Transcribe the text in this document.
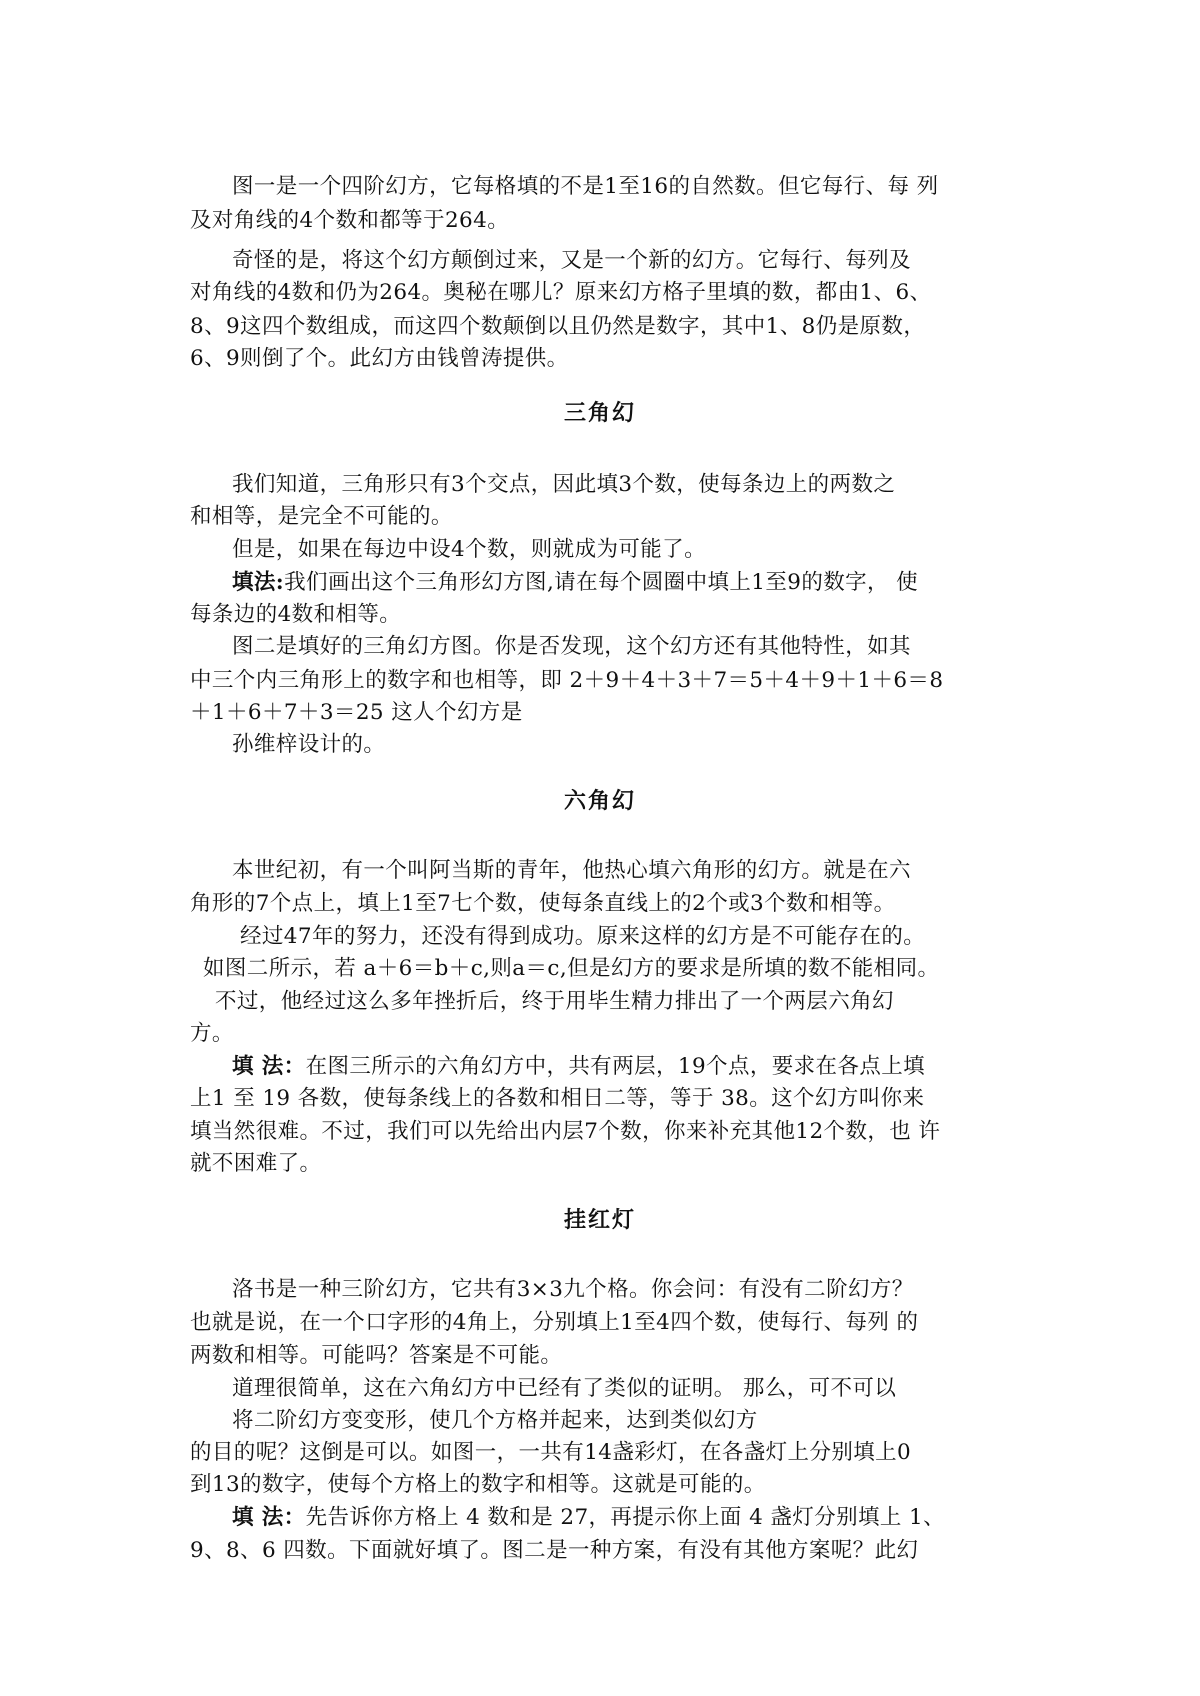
图一是一个四阶幻方，它每格填的不是1至16的自然数。但它每行、每 列
及对角线的4个数和都等于264。
奇怪的是，将这个幻方颠倒过来，又是一个新的幻方。它每行、每列及
对角线的4数和仍为264。奥秘在哪儿？原来幻方格子里填的数，都由1、6、
8、9这四个数组成，而这四个数颠倒以且仍然是数字，其中1、8仍是原数，
6、9则倒了个。此幻方由钱曾涛提供。
三角幻
我们知道，三角形只有3个交点，因此填3个数，使每条边上的两数之
和相等，是完全不可能的。
但是，如果在每边中设4个数，则就成为可能了。
填法:我们画出这个三角形幻方图,请在每个圆圈中填上1至9的数字， 使
每条边的4数和相等。
图二是填好的三角幻方图。你是否发现，这个幻方还有其他特性，如其
中三个内三角形上的数字和也相等，即 2＋9＋4＋3＋7＝5＋4＋9＋1＋6＝8
＋1＋6＋7＋3＝25 这人个幻方是
孙维梓设计的。
六角幻
本世纪初，有一个叫阿当斯的青年，他热心填六角形的幻方。就是在六
角形的7个点上，填上1至7七个数，使每条直线上的2个或3个数和相等。
经过47年的努力，还没有得到成功。原来这样的幻方是不可能存在的。
如图二所示，若 a＋6＝b＋c,则a＝c,但是幻方的要求是所填的数不能相同。
不过，他经过这么多年挫折后，终于用毕生精力排出了一个两层六角幻
方。
填 法：在图三所示的六角幻方中，共有两层，19个点，要求在各点上填
上1 至 19 各数，使每条线上的各数和相日二等，等于 38。这个幻方叫你来
填当然很难。不过，我们可以先给出内层7个数，你来补充其他12个数，也 许
就不困难了。
挂红灯
洛书是一种三阶幻方，它共有3×3九个格。你会问：有没有二阶幻方？
也就是说，在一个口字形的4角上，分别填上1至4四个数，使每行、每列 的
两数和相等。可能吗？答案是不可能。
道理很简单，这在六角幻方中已经有了类似的证明。 那么，可不可以
将二阶幻方变变形，使几个方格并起来，达到类似幻方
的目的呢？这倒是可以。如图一，一共有14盏彩灯，在各盏灯上分别填上0
到13的数字，使每个方格上的数字和相等。这就是可能的。
填 法：先告诉你方格上 4 数和是 27，再提示你上面 4 盏灯分别填上 1、
9、8、6 四数。下面就好填了。图二是一种方案，有没有其他方案呢？此幻
